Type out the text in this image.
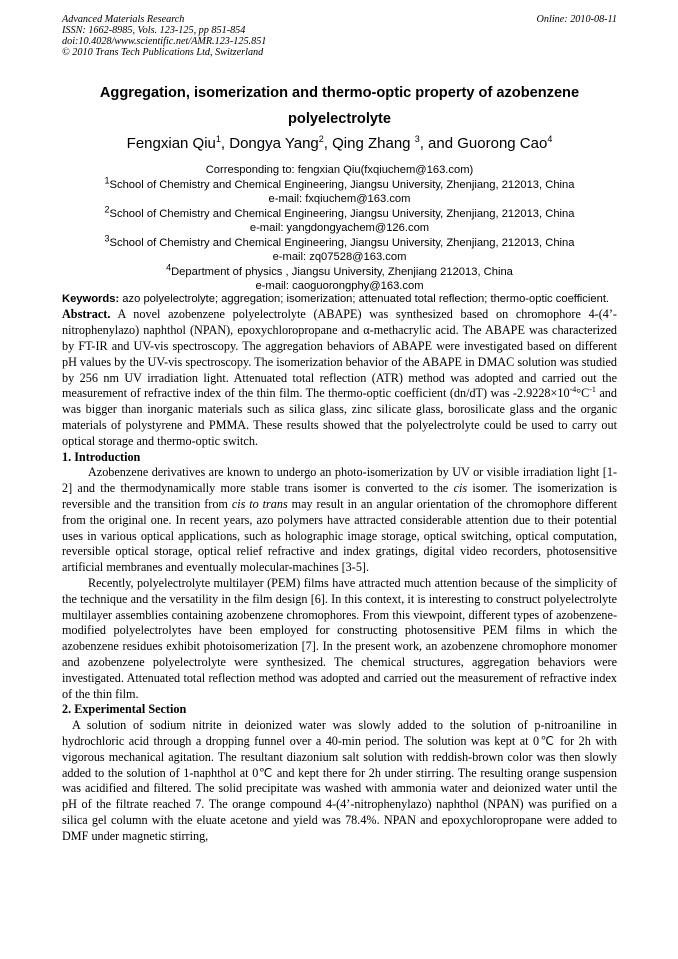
Advanced Materials Research
ISSN: 1662-8985, Vols. 123-125, pp 851-854
doi:10.4028/www.scientific.net/AMR.123-125.851
© 2010 Trans Tech Publications Ltd, Switzerland
Online: 2010-08-11
Aggregation, isomerization and thermo-optic property of azobenzene polyelectrolyte
Fengxian Qiu$^1$, Dongya Yang$^2$, Qing Zhang $^3$, and Guorong Cao$^4$
Corresponding to: fengxian Qiu(fxqiuchem@163.com)
$^1$School of Chemistry and Chemical Engineering, Jiangsu University, Zhenjiang, 212013, China
e-mail: fxqiuchem@163.com
$^2$School of Chemistry and Chemical Engineering, Jiangsu University, Zhenjiang, 212013, China
e-mail: yangdongyachem@126.com
$^3$School of Chemistry and Chemical Engineering, Jiangsu University, Zhenjiang, 212013, China
e-mail: zq07528@163.com
$^4$Department of physics , Jiangsu University, Zhenjiang 212013, China
e-mail: caoguorongphy@163.com
Keywords: azo polyelectrolyte; aggregation; isomerization; attenuated total reflection; thermo-optic coefficient.

Abstract. A novel azobenzene polyelectrolyte (ABAPE) was synthesized based on chromophore 4-(4’-nitrophenylazo) naphthol (NPAN), epoxychloropropane and α-methacrylic acid. The ABAPE was characterized by FT-IR and UV-vis spectroscopy. The aggregation behaviors of ABAPE were investigated based on different pH values by the UV-vis spectroscopy. The isomerization behavior of the ABAPE in DMAC solution was studied by 256 nm UV irradiation light. Attenuated total reflection (ATR) method was adopted and carried out the measurement of refractive index of the thin film. The thermo-optic coefficient (dn/dT) was $-2.9228\times 10^{-4}^\circ C^{-1}$ and was bigger than inorganic materials such as silica glass, zinc silicate glass, borosilicate glass and the organic materials of polystyrene and PMMA. These results showed that the polyelectrolyte could be used to carry out optical storage and thermo-optic switch.

1. Introduction

Azobenzene derivatives are known to undergo an photo-isomerization by UV or visible irradiation light [1-2] and the thermodynamically more stable trans isomer is converted to the cis isomer. The isomerization is reversible and the transition from cis to trans may result in an angular orientation of the chromophore different from the original one. In recent years, azo polymers have attracted considerable attention due to their potential uses in various optical applications, such as holographic image storage, optical switching, optical computation, reversible optical storage, optical relief refractive and index gratings, digital video recorders, photosensitive artificial membranes and eventually molecular-machines [3-5].

Recently, polyelectrolyte multilayer (PEM) films have attracted much attention because of the simplicity of the technique and the versatility in the film design [6]. In this context, it is interesting to construct polyelectrolyte multilayer assemblies containing azobenzene chromophores. From this viewpoint, different types of azobenzene-modified polyelectrolytes have been employed for constructing photosensitive PEM films in which the azobenzene residues exhibit photoisomerization [7]. In the present work, an azobenzene chromophore monomer and azobenzene polyelectrolyte were synthesized. The chemical structures, aggregation behaviors were investigated. Attenuated total reflection method was adopted and carried out the measurement of refractive index of the thin film.

2. Experimental Section

A solution of sodium nitrite in deionized water was slowly added to the solution of p-nitroaniline in hydrochloric acid through a dropping funnel over a 40-min period. The solution was kept at 0℃ for 2h with vigorous mechanical agitation. The resultant diazonium salt solution with reddish-brown color was then slowly added to the solution of 1-naphthol at 0℃ and kept there for 2h under stirring. The resulting orange suspension was acidified and filtered. The solid precipitate was washed with ammonia water and deionized water until the pH of the filtrate reached 7. The orange compound 4-(4’-nitrophenylazo) naphthol (NPAN) was purified on a silica gel column with the eluate acetone and yield was 78.4%. NPAN and epoxychloropropane were added to DMF under magnetic stirring,
